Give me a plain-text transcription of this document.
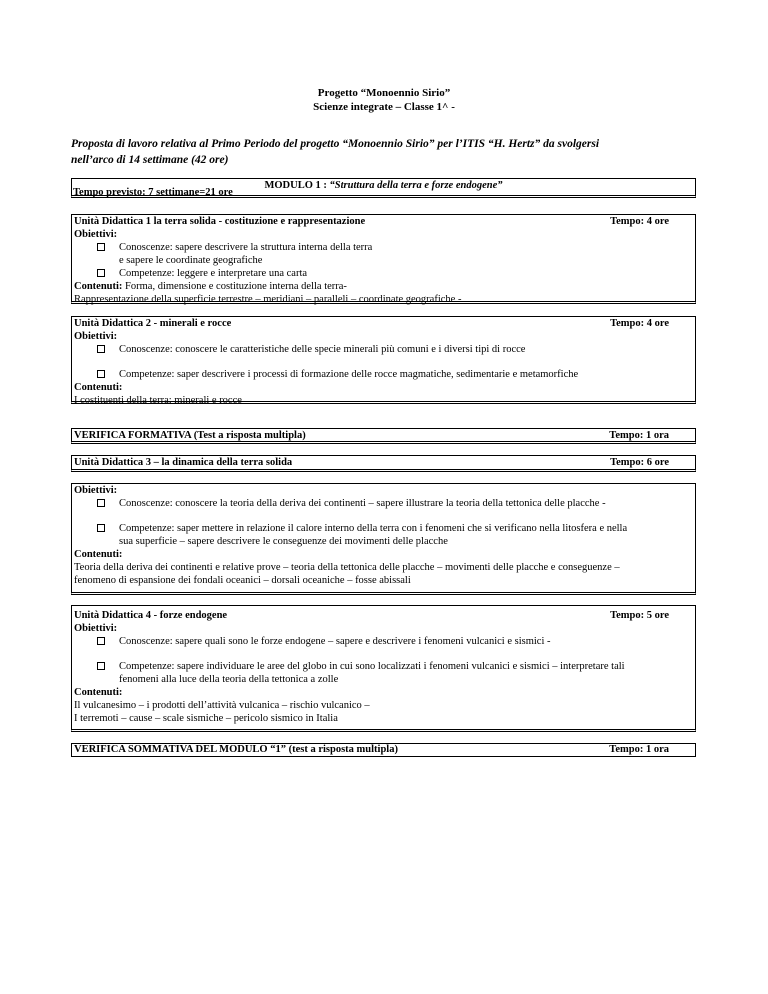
Progetto “Monoennio Sirio”
Scienze integrate – Classe 1^ -
Proposta di lavoro relativa al Primo Periodo del progetto “Monoennio Sirio” per l’ITIS “H. Hertz” da svolgersi
nell’arco di 14 settimane (42 ore)
MODULO 1 : “Struttura della terra e forze endogene”
Tempo previsto: 7 settimane=21 ore
Unità Didattica 1 la terra solida - costituzione e rappresentazione	Tempo: 4 ore
Obiettivi:
Conoscenze: sapere descrivere la struttura interna della terra
e sapere le coordinate geografiche
Competenze: leggere e interpretare una carta
Contenuti: Forma, dimensione e costituzione interna della terra-
Rappresentazione della superficie terrestre – meridiani – paralleli – coordinate geografiche -
Unità Didattica 2 - minerali e rocce	Tempo: 4 ore
Obiettivi:
Conoscenze: conoscere le caratteristiche delle specie minerali più comuni e i diversi tipi di rocce
Competenze: saper descrivere i processi di formazione delle rocce magmatiche, sedimentarie e metamorfiche
Contenuti:
I costituenti della terra: minerali e rocce
VERIFICA FORMATIVA (Test a risposta multipla)	Tempo: 1 ora
Unità Didattica 3 – la dinamica della terra solida	Tempo: 6 ore
Obiettivi:
Conoscenze: conoscere la teoria della deriva dei continenti – sapere illustrare la teoria della tettonica delle placche -
Competenze: saper mettere in relazione il calore interno della terra con i fenomeni che si verificano nella litosfera e nella
sua superficie – sapere descrivere le conseguenze dei movimenti delle placche
Contenuti:
Teoria della deriva dei continenti e relative prove – teoria della tettonica delle placche – movimenti delle placche e conseguenze –
fenomeno di espansione dei fondali oceanici – dorsali oceaniche – fosse abissali
Unità Didattica 4 - forze endogene	Tempo: 5 ore
Obiettivi:
Conoscenze: sapere quali sono le forze endogene – sapere e descrivere i fenomeni vulcanici e sismici -
Competenze: sapere individuare le aree del globo in cui sono localizzati i fenomeni vulcanici e sismici – interpretare tali
fenomeni alla luce della teoria della tettonica a zolle
Contenuti:
Il vulcanesimo – i prodotti dell’attività vulcanica – rischio vulcanico –
I terremoti – cause – scale sismiche – pericolo sismico in Italia
VERIFICA SOMMATIVA DEL MODULO “1” (test a risposta multipla)	Tempo: 1 ora
